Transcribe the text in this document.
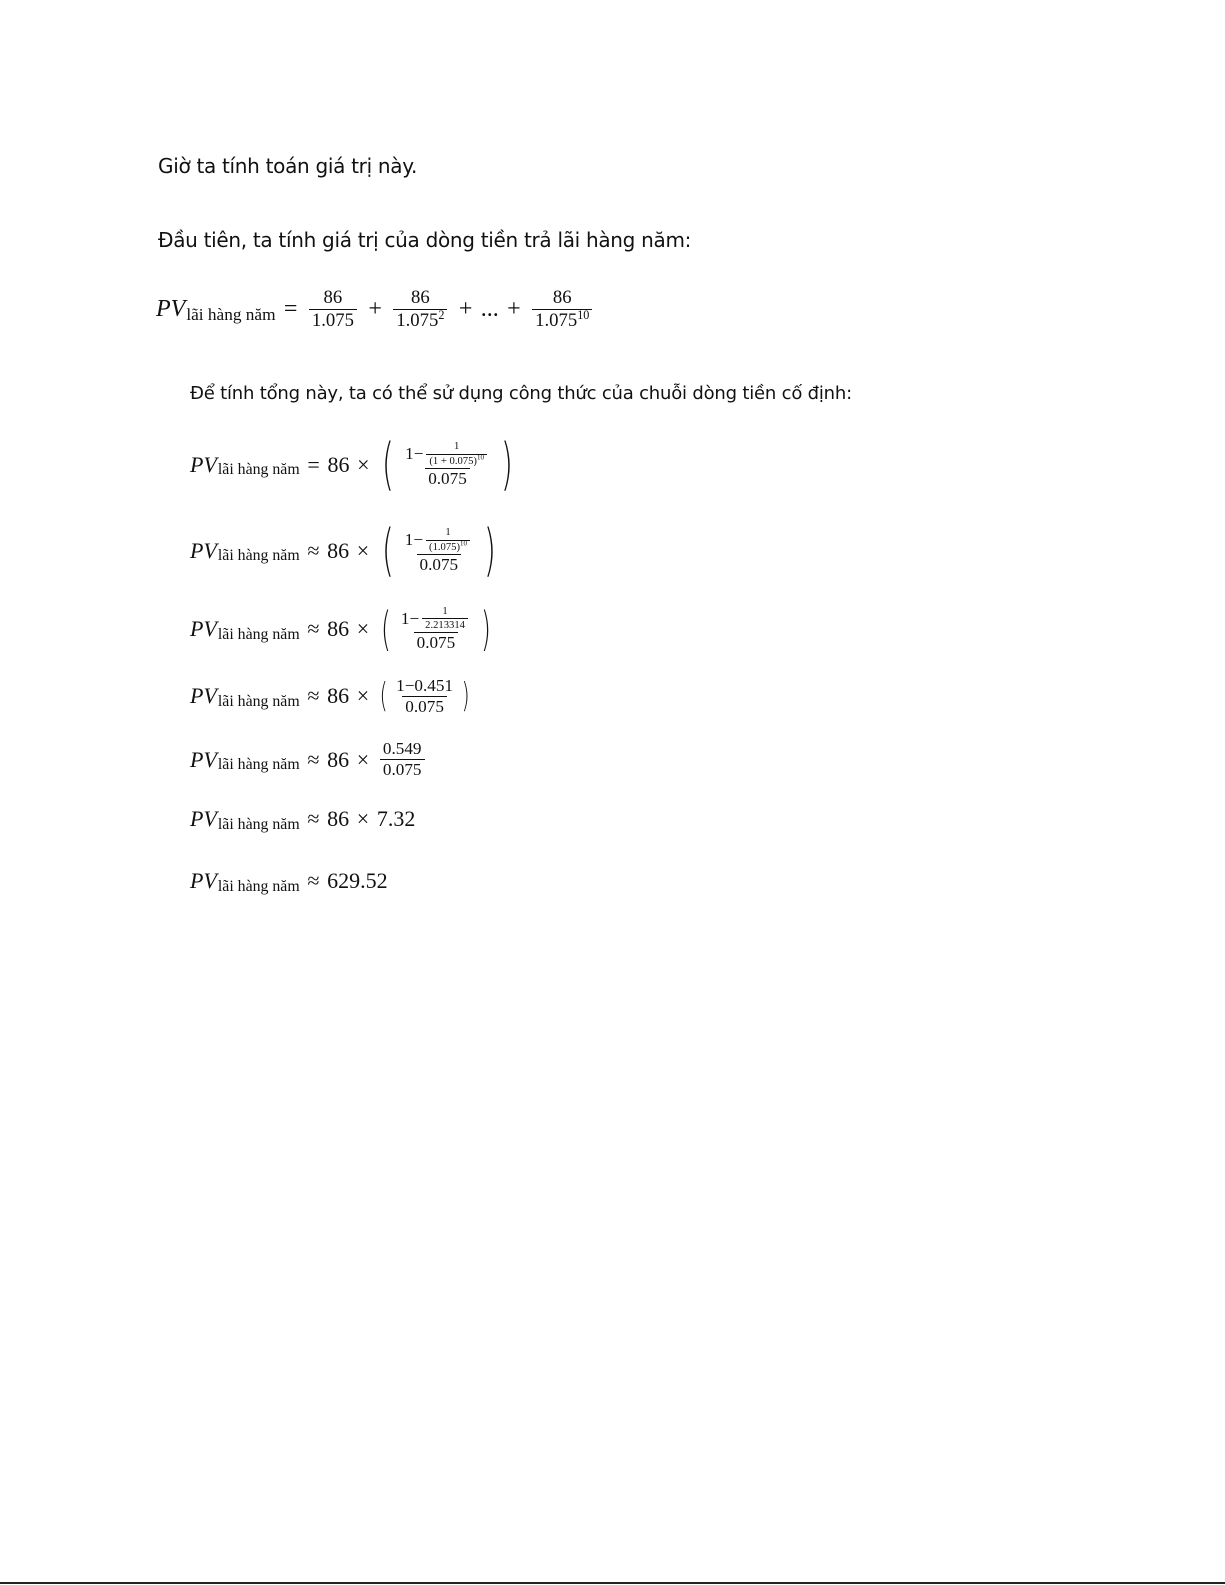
Giờ ta tính toán giá trị này.

Đầu tiên, ta tính giá trị của dòng tiền trả lãi hàng năm:

PV lãi hàng năm = $\frac{86}{1.075} + \frac{86}{1.075^2}$ + ... + $\frac{86}{1.075^{10}}$

Để tính tổng này, ta có thể sử dụng công thức của chuỗi dòng tiền cố định:

PV lãi hàng năm = 86 × ( $\frac{1- \frac{1}{(1 + 0.075)^{10}}}{0.075}$ )
PV lãi hàng năm ≈ 86 × ( $\frac{1- \frac{1}{(1.075)^{10}}}{0.075}$ )
PV lãi hàng năm ≈ 86 × ( $\frac{1- \frac{1}{2.213314}}{0.075}$ )
PV lãi hàng năm ≈ 86 × ( $\frac{1-0.451}{0.075}$ )
PV lãi hàng năm ≈ $86 \times \frac{0.549}{0.075}$
PV lãi hàng năm ≈ 86 × 7.32
PV lãi hàng năm ≈ 629.52
